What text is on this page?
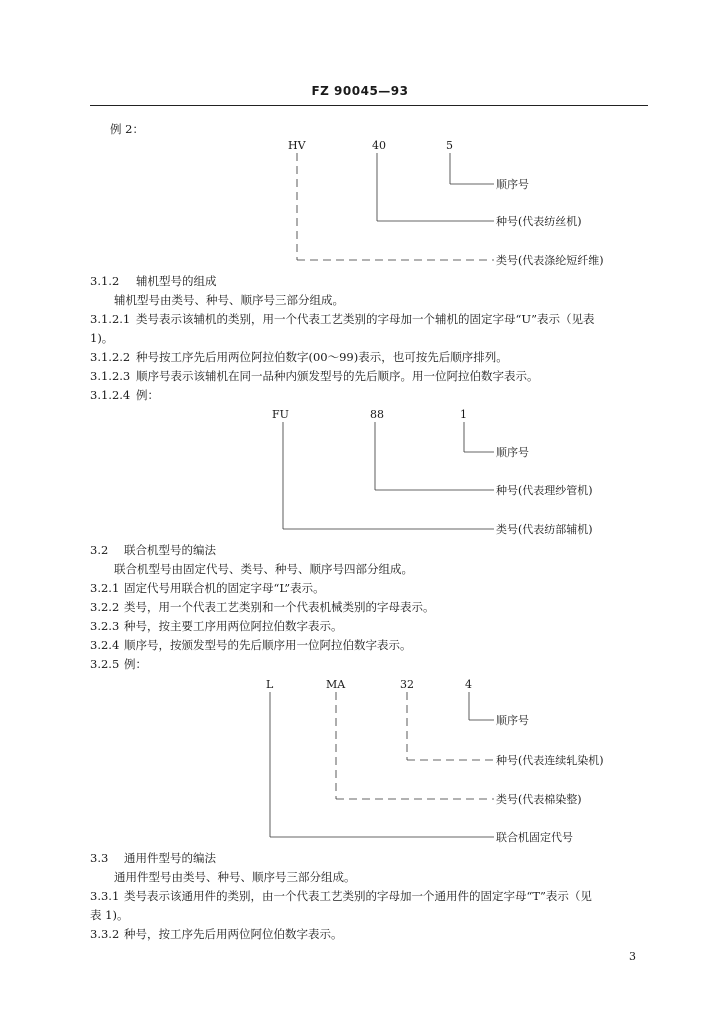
FZ 90045—93
例 2：
HV	40	5
顺序号
种号(代表纺丝机)
类号(代表涤纶短纤维)
3.1.2 辅机型号的组成
辅机型号由类号、种号、顺序号三部分组成。
3.1.2.1 类号表示该辅机的类别，用一个代表工艺类别的字母加一个辅机的固定字母“U”表示（见表
1)。
3.1.2.2 种号按工序先后用两位阿拉伯数字(00～99)表示，也可按先后顺序排列。
3.1.2.3 顺序号表示该辅机在同一品种内颁发型号的先后顺序。用一位阿拉伯数字表示。
3.1.2.4 例：
FU	88	1
顺序号
种号(代表理纱管机)
类号(代表纺部辅机)
3.2 联合机型号的编法
联合机型号由固定代号、类号、种号、顺序号四部分组成。
3.2.1 固定代号用联合机的固定字母“L”表示。
3.2.2 类号，用一个代表工艺类别和一个代表机械类别的字母表示。
3.2.3 种号，按主要工序用两位阿拉伯数字表示。
3.2.4 顺序号，按颁发型号的先后顺序用一位阿拉伯数字表示。
3.2.5 例：
L	MA	32	4
顺序号
种号(代表连续轧染机)
类号(代表棉染整)
联合机固定代号
3.3 通用件型号的编法
通用件型号由类号、种号、顺序号三部分组成。
3.3.1 类号表示该通用件的类别，由一个代表工艺类别的字母加一个通用件的固定字母“T”表示（见
表 1)。
3.3.2 种号，按工序先后用两位阿位伯数字表示。
3
